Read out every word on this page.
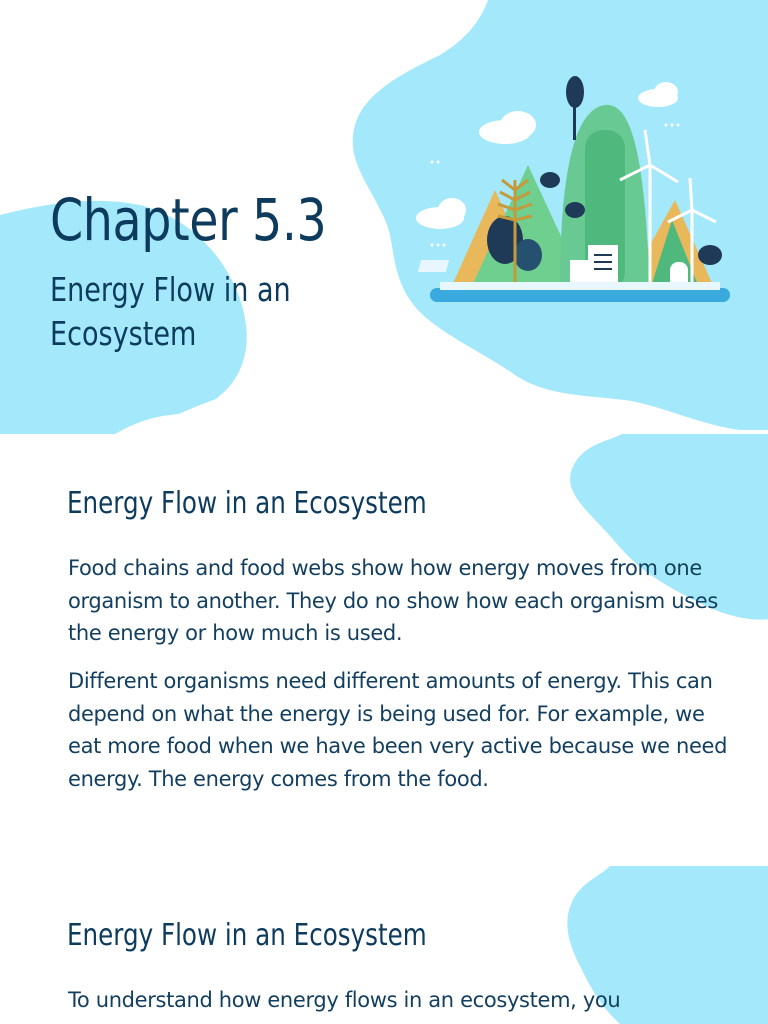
Chapter 5.3
Energy Flow in an Ecosystem
Energy Flow in an Ecosystem

Food chains and food webs show how energy moves from one organism to another. They do no show how each organism uses the energy or how much is used.

Different organisms need different amounts of energy. This can depend on what the energy is being used for. For example, we eat more food when we have been very active because we need energy. The energy comes from the food.

Energy Flow in an Ecosystem

To understand how energy flows in an ecosystem, you
